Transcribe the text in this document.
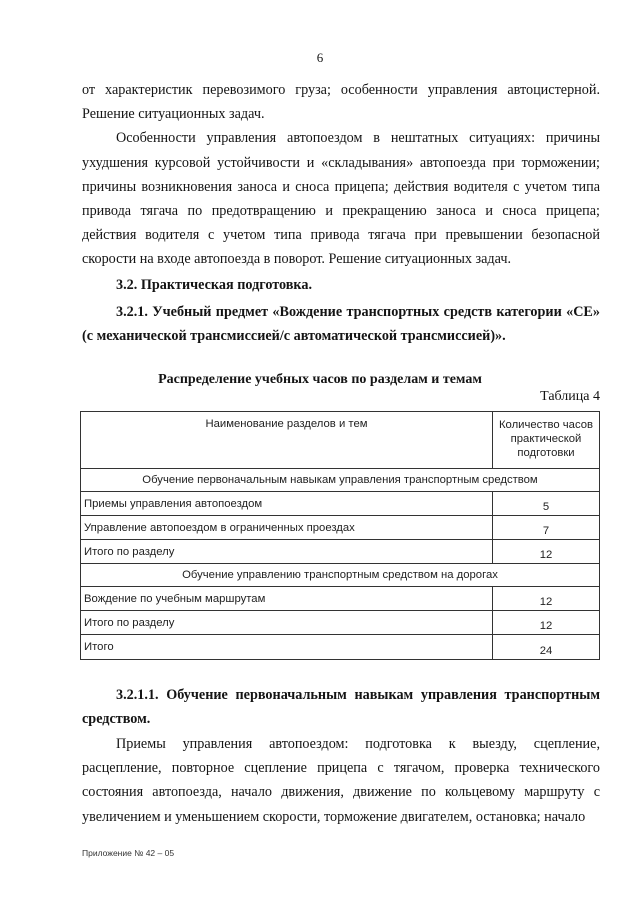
6

от характеристик перевозимого груза; особенности управления автоцистерной. Решение ситуационных задач.

Особенности управления автопоездом в нештатных ситуациях: причины ухудшения курсовой устойчивости и «складывания» автопоезда при торможении; причины возникновения заноса и сноса прицепа; действия водителя с учетом типа привода тягача по предотвращению и прекращению заноса и сноса прицепа; действия водителя с учетом типа привода тягача при превышении безопасной скорости на входе автопоезда в поворот. Решение ситуационных задач.

3.2. Практическая подготовка.
3.2.1. Учебный предмет «Вождение транспортных средств категории «СЕ» (с механической трансмиссией/с автоматической трансмиссией)».
Распределение учебных часов по разделам и темам
Таблица 4
Наименование разделов и тем	Количество часов практической подготовки
Обучение первоначальным навыкам управления транспортным средством	
Приемы управления автопоездом	5
Управление автопоездом в ограниченных проездах	7
Итого по разделу	12
Обучение управлению транспортным средством на дорогах	
Вождение по учебным маршрутам	12
Итого по разделу	12
Итого	24
3.2.1.1. Обучение первоначальным навыкам управления транспортным средством.

Приемы управления автопоездом: подготовка к выезду, сцепление, расцепление, повторное сцепление прицепа с тягачом, проверка технического состояния автопоезда, начало движения, движение по кольцевому маршруту с увеличением и уменьшением скорости, торможение двигателем, остановка; начало

Приложение № 42 – 05
